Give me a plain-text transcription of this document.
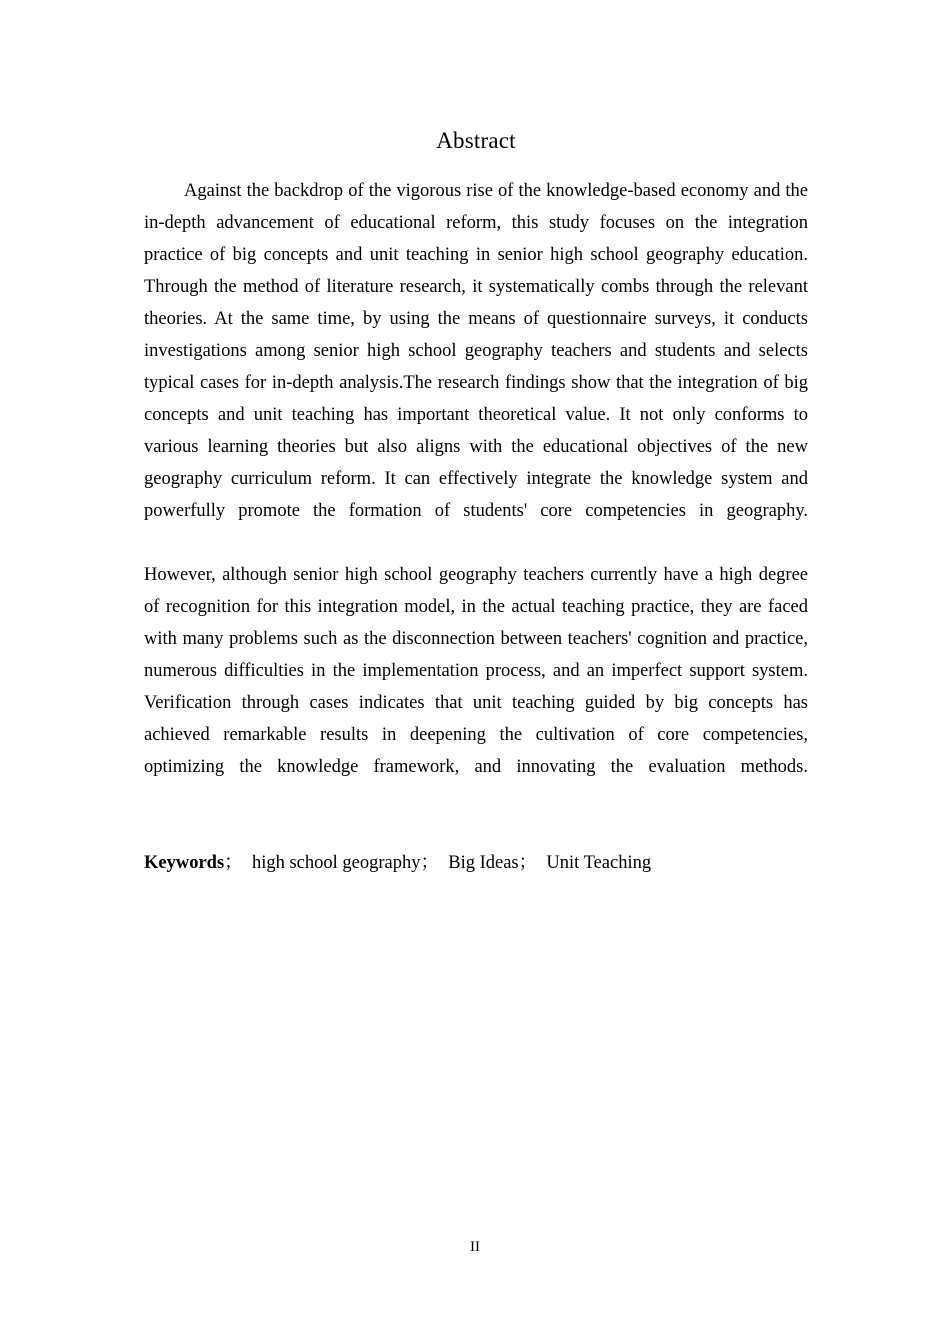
Abstract

Against the backdrop of the vigorous rise of the knowledge-based economy and the in-depth advancement of educational reform, this study focuses on the integration practice of big concepts and unit teaching in senior high school geography education. Through the method of literature research, it systematically combs through the relevant theories. At the same time, by using the means of questionnaire surveys, it conducts investigations among senior high school geography teachers and students and selects typical cases for in-depth analysis.The research findings show that the integration of big concepts and unit teaching has important theoretical value. It not only conforms to various learning theories but also aligns with the educational objectives of the new geography curriculum reform. It can effectively integrate the knowledge system and powerfully promote the formation of students' core competencies in geography.

However, although senior high school geography teachers currently have a high degree of recognition for this integration model, in the actual teaching practice, they are faced with many problems such as the disconnection between teachers' cognition and practice, numerous difficulties in the implementation process, and an imperfect support system. Verification through cases indicates that unit teaching guided by big concepts has achieved remarkable results in deepening the cultivation of core competencies, optimizing the knowledge framework, and innovating the evaluation methods.

Keywords； high school geography； Big Ideas； Unit Teaching

II
